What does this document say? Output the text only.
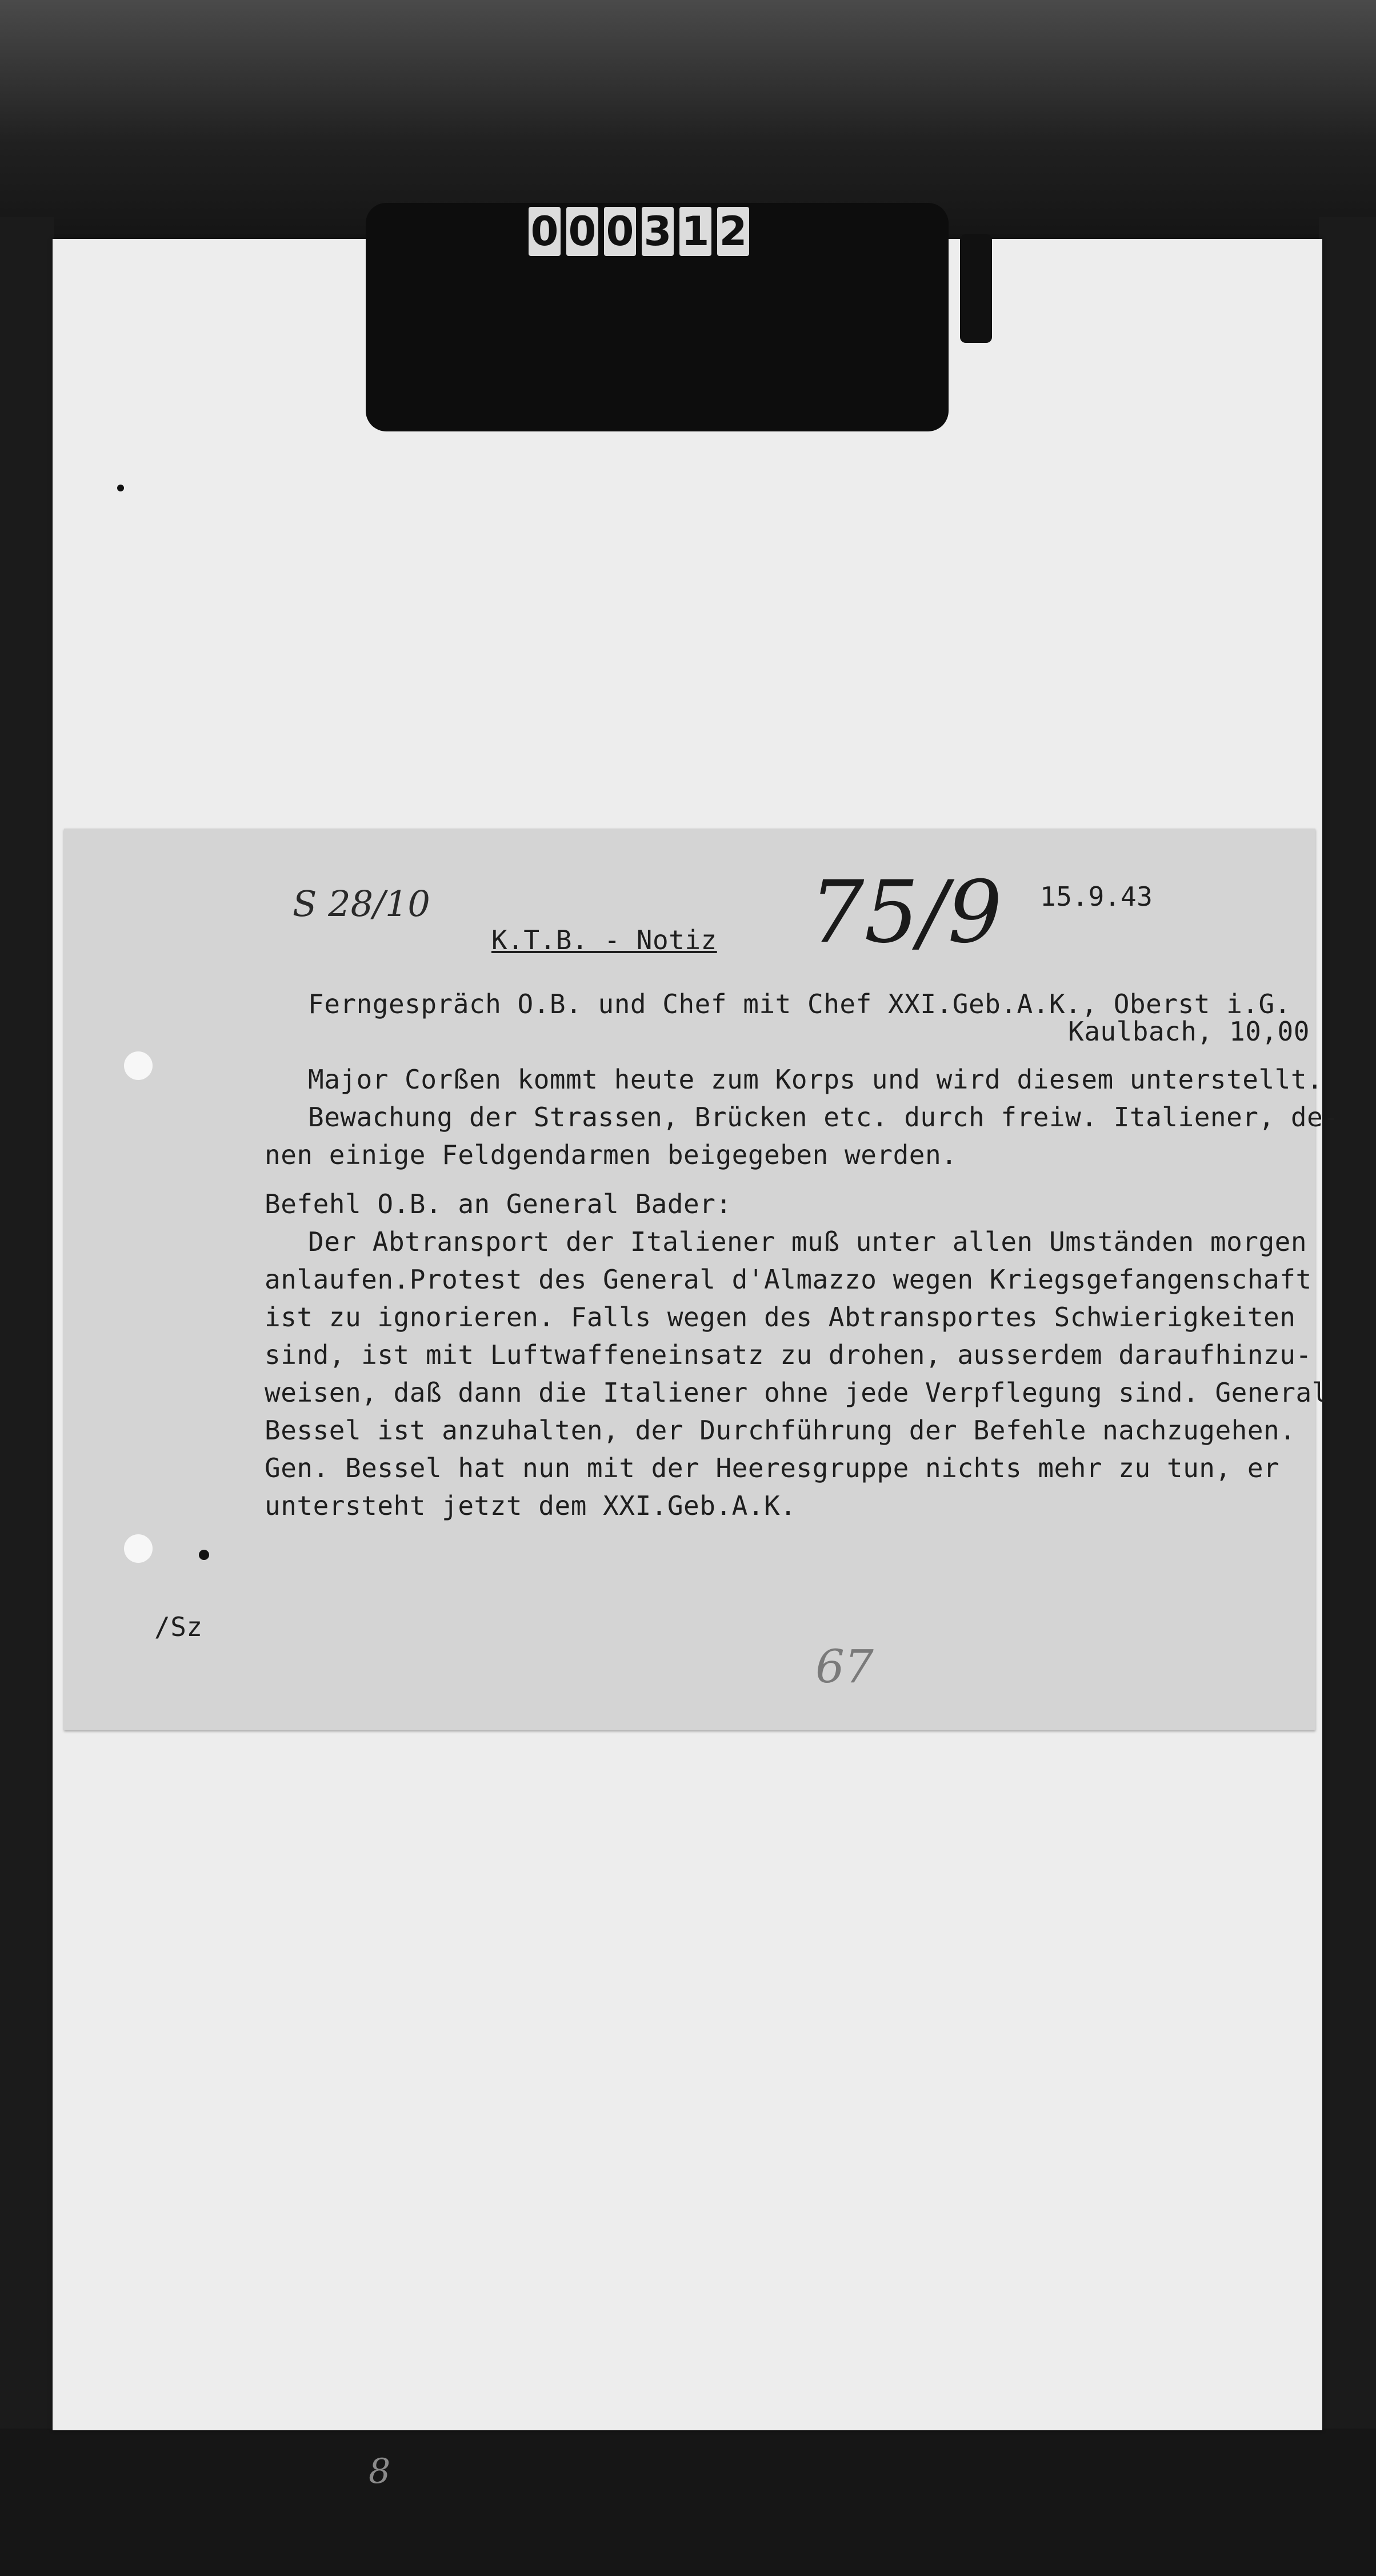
0 0 0 3 1 2
S 28/10	75/9 15.9.43
K.T.B. - Notiz
Ferngespräch O.B. und Chef mit Chef XXI.Geb.A.K., Oberst i.G.
Kaulbach, 10,00
Major Corßen kommt heute zum Korps und wird diesem unterstellt.
Bewachung der Strassen, Brücken etc. durch freiw. Italiener, de-
nen einige Feldgendarmen beigegeben werden.
Befehl O.B. an General Bader:
Der Abtransport der Italiener muß unter allen Umständen morgen
anlaufen.Protest des General d'Almazzo wegen Kriegsgefangenschaft
ist zu ignorieren. Falls wegen des Abtransportes Schwierigkeiten
sind, ist mit Luftwaffeneinsatz zu drohen, ausserdem daraufhinzu-
weisen, daß dann die Italiener ohne jede Verpflegung sind. General
Bessel ist anzuhalten, der Durchführung der Befehle nachzugehen.
Gen. Bessel hat nun mit der Heeresgruppe nichts mehr zu tun, er
untersteht jetzt dem XXI.Geb.A.K.
/Sz
67
8
